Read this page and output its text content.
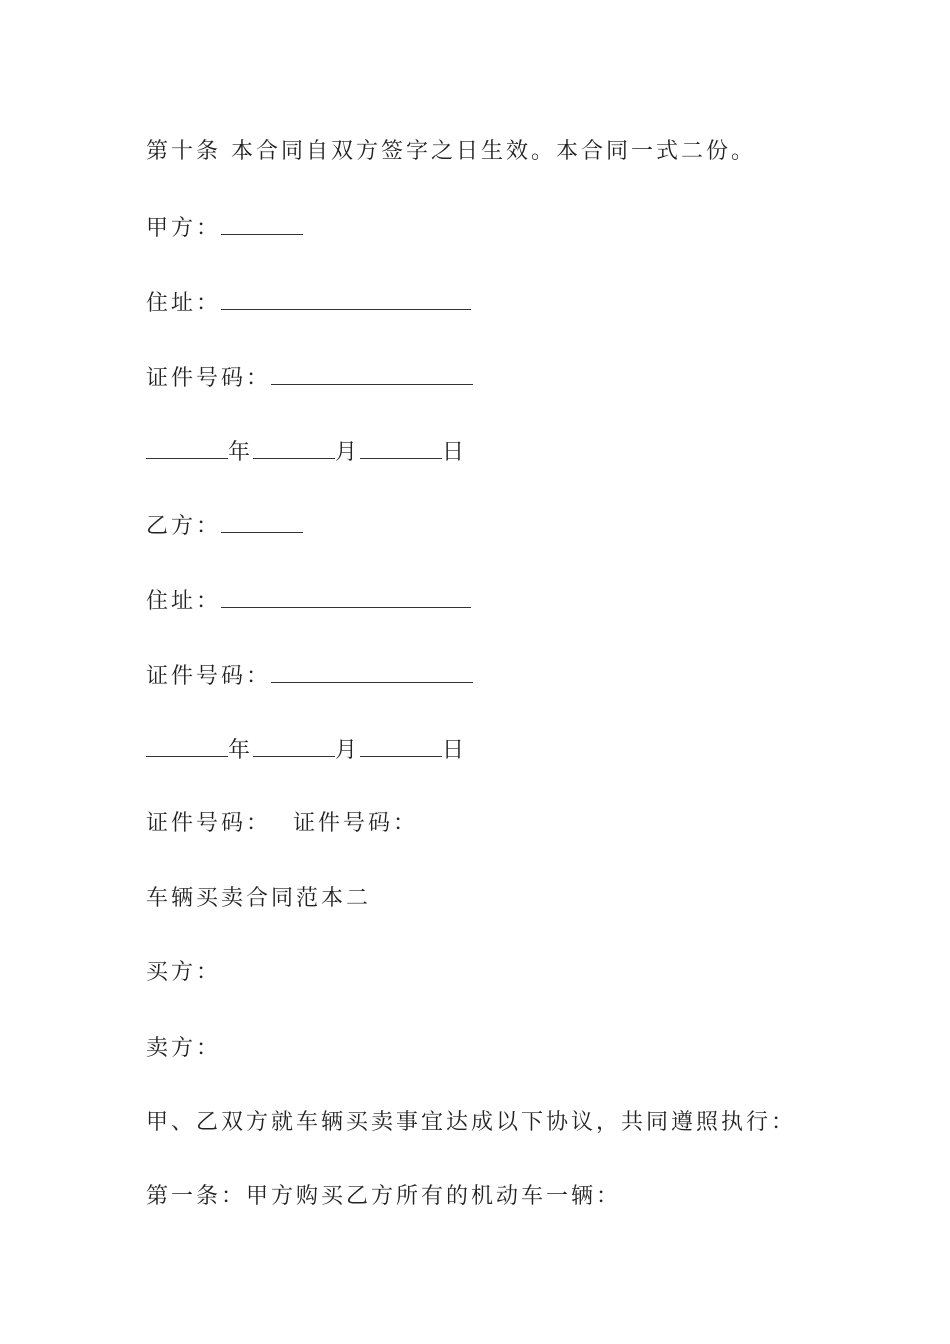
第十条 本合同自双方签字之日生效。本合同一式二份。
甲方：
住址：
证件号码：
年	月	日
乙方：
住址：
证件号码：
年	月	日
证件号码： 证件号码：
车辆买卖合同范本二
买方：
卖方：
甲、乙双方就车辆买卖事宜达成以下协议，共同遵照执行：
第一条：甲方购买乙方所有的机动车一辆：
